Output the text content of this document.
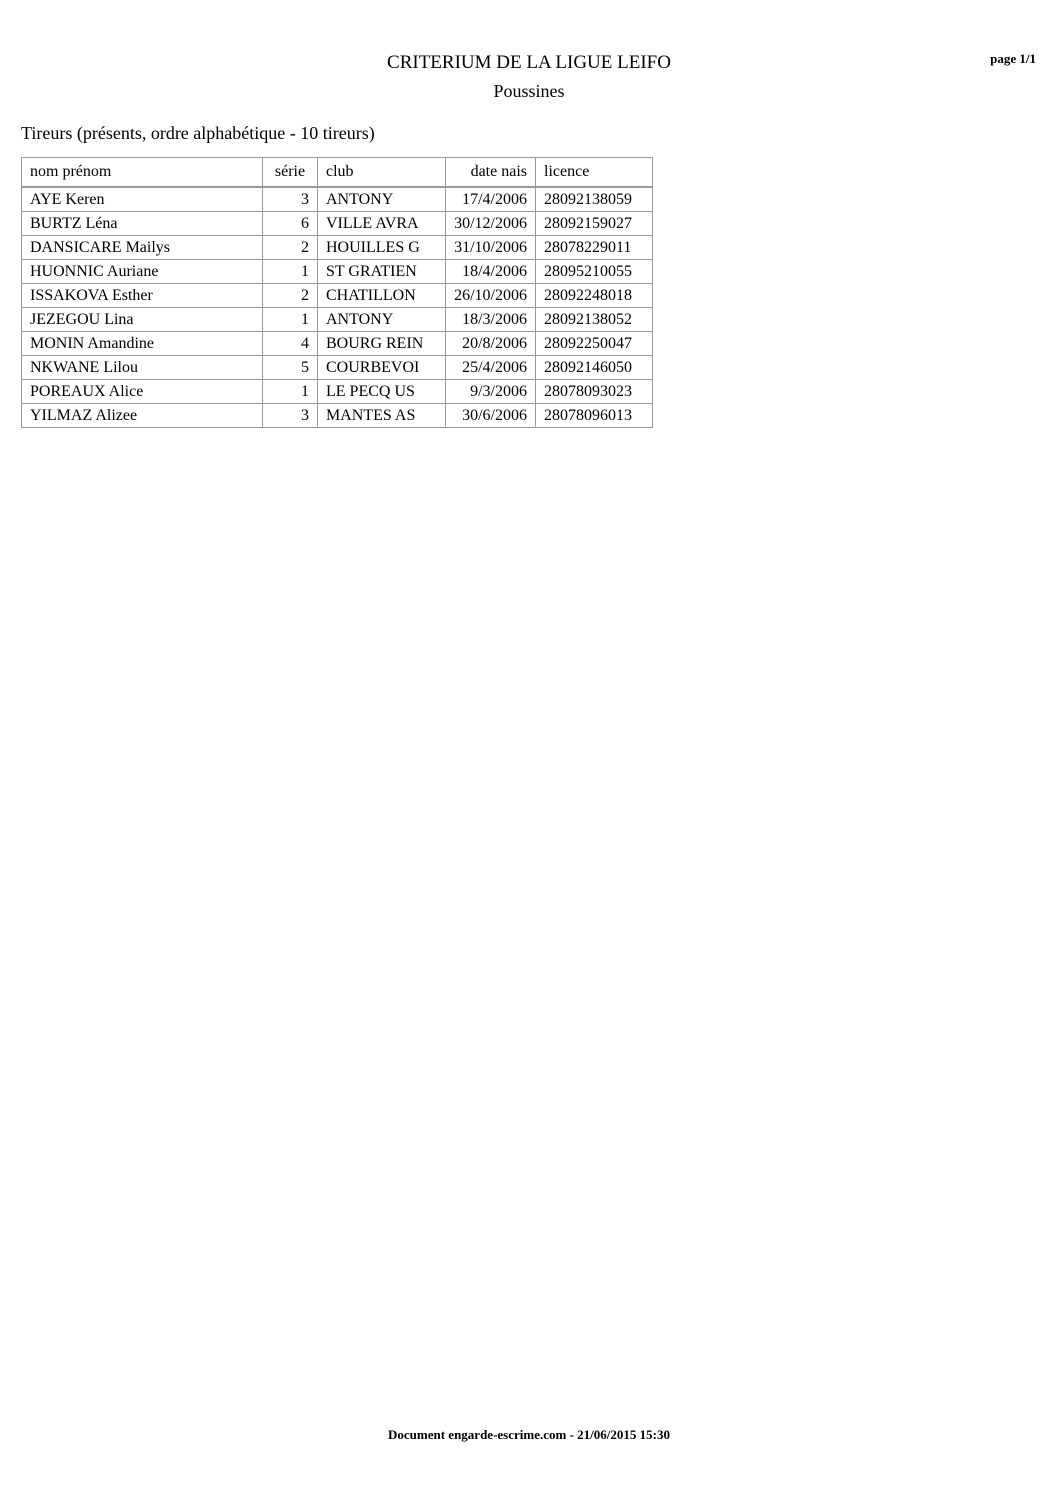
CRITERIUM DE LA LIGUE LEIFO
Poussines
page 1/1
Tireurs (présents, ordre alphabétique - 10 tireurs)
nom prénom	série	club	date nais	licence
AYE Keren	3	ANTONY	17/4/2006	28092138059
BURTZ Léna	6	VILLE AVRA	30/12/2006	28092159027
DANSICARE Mailys	2	HOUILLES G	31/10/2006	28078229011
HUONNIC Auriane	1	ST GRATIEN	18/4/2006	28095210055
ISSAKOVA Esther	2	CHATILLON	26/10/2006	28092248018
JEZEGOU Lina	1	ANTONY	18/3/2006	28092138052
MONIN Amandine	4	BOURG REIN	20/8/2006	28092250047
NKWANE Lilou	5	COURBEVOI	25/4/2006	28092146050
POREAUX Alice	1	LE PECQ US	9/3/2006	28078093023
YILMAZ Alizee	3	MANTES AS	30/6/2006	28078096013
Document engarde-escrime.com - 21/06/2015 15:30
